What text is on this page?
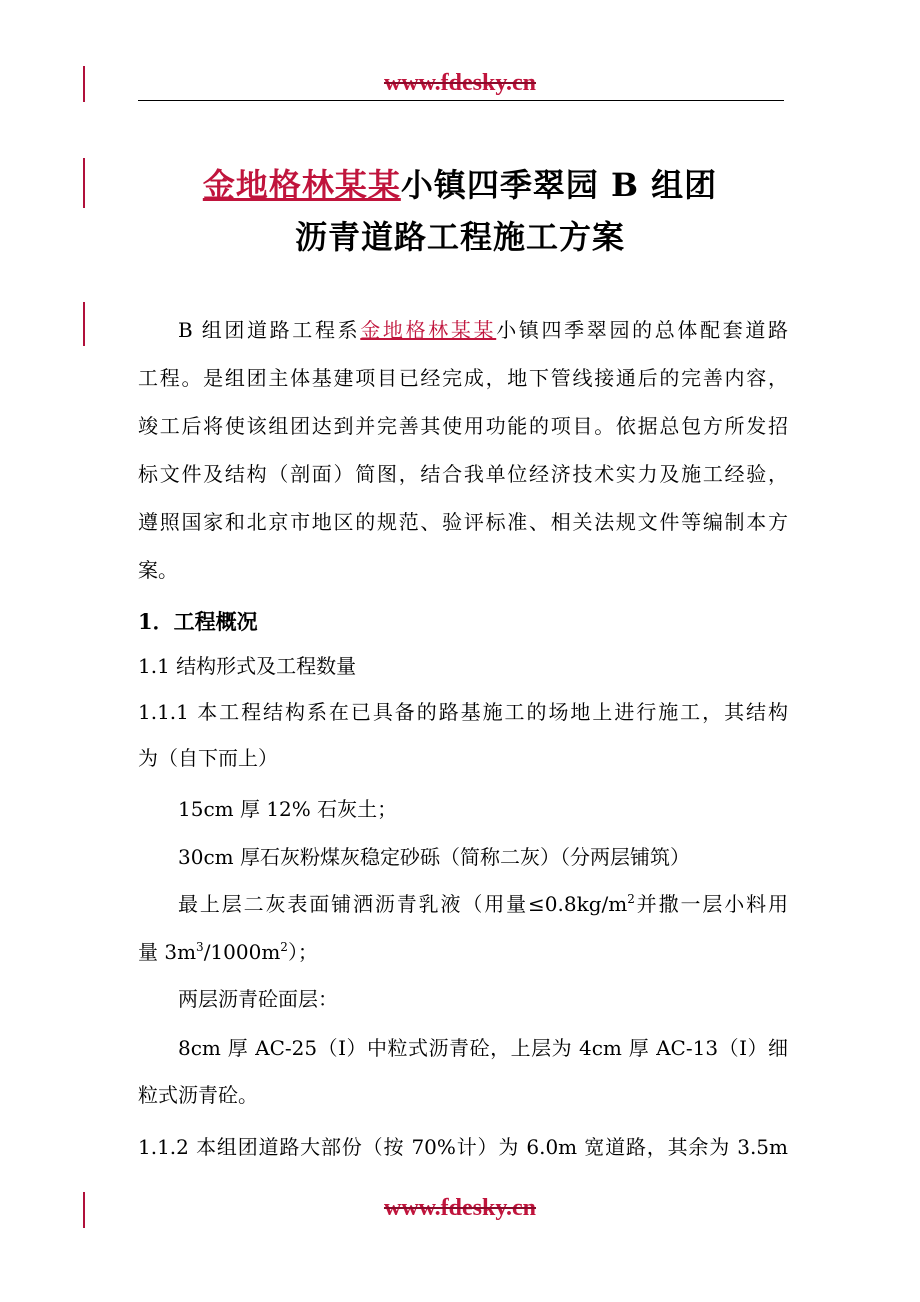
www.fdesky.cn
金地格林某某小镇四季翠园 B 组团
沥青道路工程施工方案
B 组团道路工程系金地格林某某小镇四季翠园的总体配套道路
工程。是组团主体基建项目已经完成，地下管线接通后的完善内容，
竣工后将使该组团达到并完善其使用功能的项目。依据总包方所发招
标文件及结构（剖面）简图，结合我单位经济技术实力及施工经验，
遵照国家和北京市地区的规范、验评标准、相关法规文件等编制本方
案。
1．工程概况
1.1 结构形式及工程数量
1.1.1 本工程结构系在已具备的路基施工的场地上进行施工，其结构
为（自下而上）
15cm 厚 12% 石灰土；
30cm 厚石灰粉煤灰稳定砂砾（简称二灰）（分两层铺筑）
最上层二灰表面铺洒沥青乳液（用量$\le 0.8kg/m^2$并撒一层小料用
量 $3m^3/1000m^2$）；
两层沥青砼面层：
8cm 厚 AC-25（I）中粒式沥青砼，上层为 4cm 厚 AC-13（I）细
粒式沥青砼。
1.1.2 本组团道路大部份（按 70%计）为 6.0m 宽道路，其余为 3.5m
www.fdesky.cn
